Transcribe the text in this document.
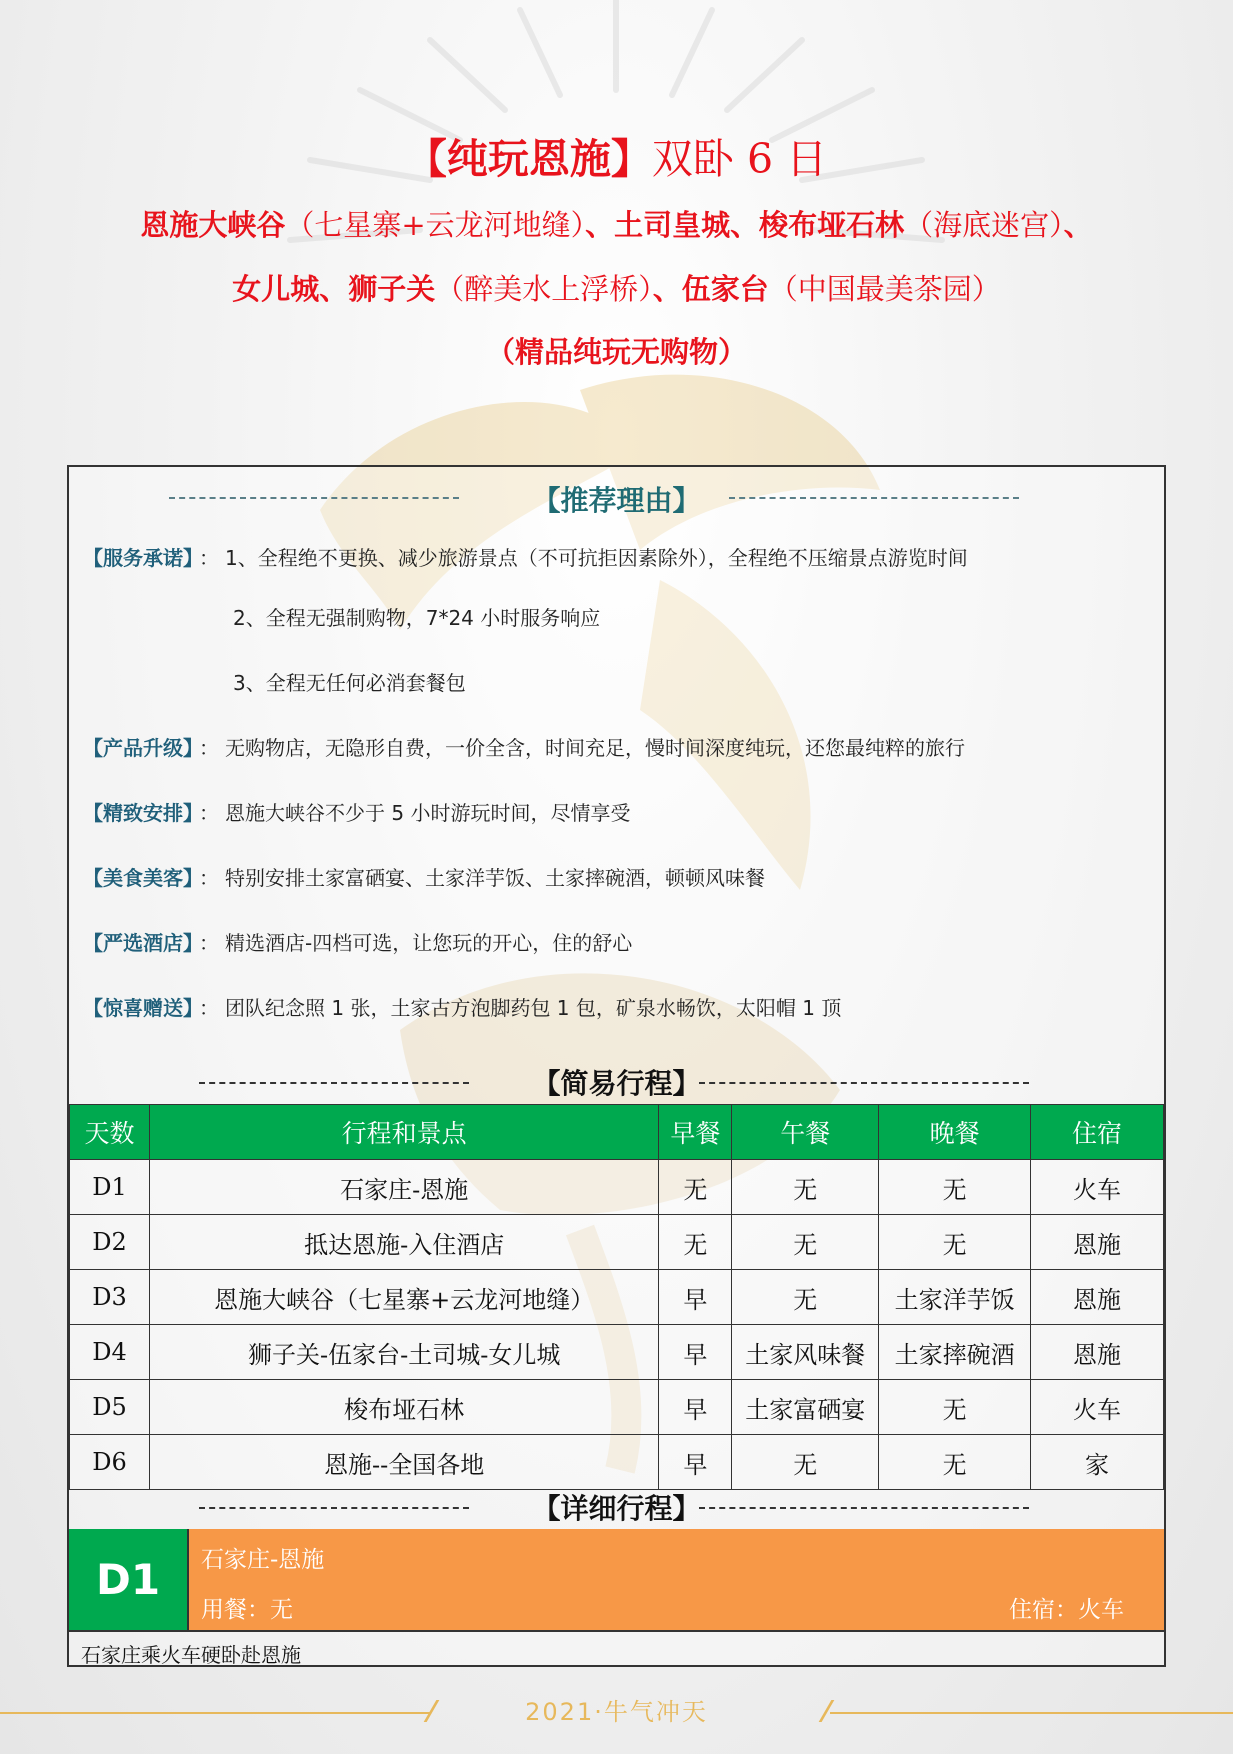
【纯玩恩施】双卧 6 日
恩施大峡谷（七星寨+云龙河地缝）、土司皇城、梭布垭石林（海底迷宫）、
女儿城、狮子关（醉美水上浮桥）、伍家台（中国最美茶园）
（精品纯玩无购物）
【推荐理由】
【服务承诺】 ： 1、全程绝不更换、减少旅游景点（不可抗拒因素除外），全程绝不压缩景点游览时间
2、全程无强制购物，7*24 小时服务响应
3、全程无任何必消套餐包
【产品升级】 ： 无购物店，无隐形自费，一价全含，时间充足，慢时间深度纯玩，还您最纯粹的旅行
【精致安排】 ： 恩施大峡谷不少于 5 小时游玩时间，尽情享受
【美食美客】 ： 特别安排土家富硒宴、土家洋芋饭、土家摔碗酒，顿顿风味餐
【严选酒店】 ： 精选酒店-四档可选，让您玩的开心，住的舒心
【惊喜赠送】 ： 团队纪念照 1 张，土家古方泡脚药包 1 包，矿泉水畅饮，太阳帽 1 顶
【简易行程】
天数	行程和景点	早餐	午餐	晚餐	住宿
D1	石家庄-恩施	无	无	无	火车
D2	抵达恩施-入住酒店	无	无	无	恩施
D3	恩施大峡谷（七星寨+云龙河地缝）	早	无	土家洋芋饭	恩施
D4	狮子关-伍家台-土司城-女儿城	早	土家风味餐	土家摔碗酒	恩施
D5	梭布垭石林	早	土家富硒宴	无	火车
D6	恩施--全国各地	早	无	无	家
【详细行程】
D1	石家庄-恩施
用餐：无	住宿：火车
石家庄乘火车硬卧赴恩施
2021·牛气冲天
